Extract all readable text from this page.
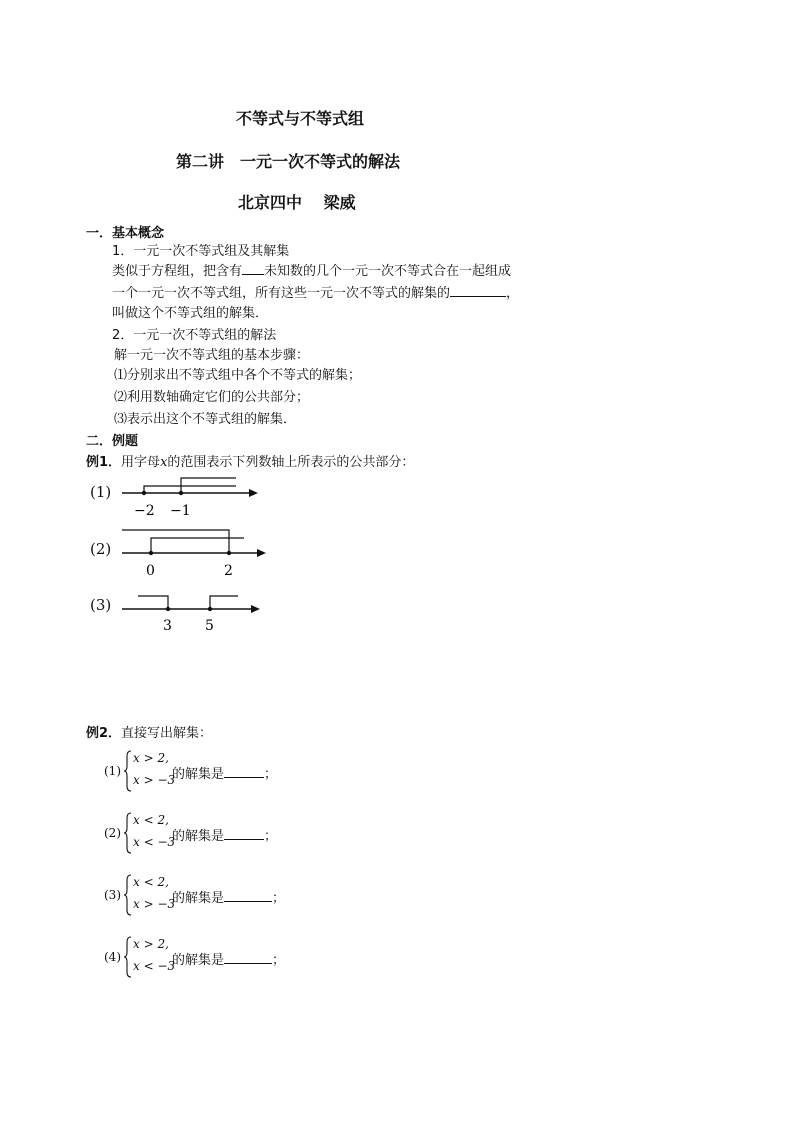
不等式与不等式组
第二讲　一元一次不等式的解法
北京四中　 梁威
一．基本概念
1．一元一次不等式组及其解集
类似于方程组，把含有 未知数的几个一元一次不等式合在一起组成
一个一元一次不等式组，所有这些一元一次不等式的解集的	，
叫做这个不等式组的解集．
2．一元一次不等式组的解法
解一元一次不等式组的基本步骤：
⑴分别求出不等式组中各个不等式的解集；
⑵利用数轴确定它们的公共部分；
⑶表示出这个不等式组的解集．
二．例题
例1．用字母x的范围表示下列数轴上所表示的公共部分：
(1)
−2 −1
(2)
0	2
(3)
3 5
例2．直接写出解集：
(1)
x > 2,
x > −3
的解集是	；
(2)
x < 2,
x < −3
的解集是	；
(3)
x < 2,
x > −3
的解集是	；
(4)
x > 2,
x < −3
的解集是	；
